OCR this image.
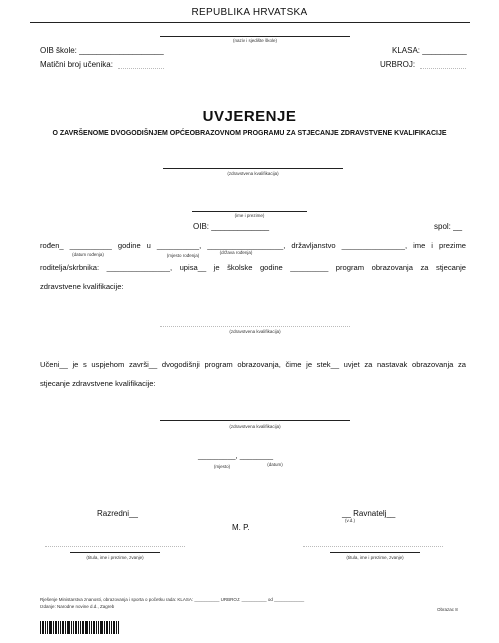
REPUBLIKA HRVATSKA
(naziv i sjedište škole)
OIB škole: ___________________	KLASA: __________
Matični broj učenika:	URBROJ:
UVJERENJE
O ZAVRŠENOME DVOGODIŠNJEM OPĆEOBRAZOVNOM PROGRAMU ZA STJECANJE ZDRAVSTVENE KVALIFIKACIJE
(zdravstvena kvalifikacija)
(ime i prezime)
OIB: _____________	spol: __
rođen_ __________ godine u __________, __________________, državljanstvo _______________, ime i prezime
(datum rođenja)	(mjesto rođenja)
(država rođenja)
roditelja/skrbnika: _______________, upisa__ je školske godine _________ program obrazovanja za stjecanje
zdravstvene kvalifikacije:
(zdravstvena kvalifikacija)
Učeni__ je s uspjehom završi__ dvogodišnji program obrazovanja, čime je stek__ uvjet za nastavak obrazovanja za
stjecanje zdravstvene kvalifikacije:
(zdravstvena kvalifikacija)
_________, ________
(mjesto)	(datum)
Razredni__	__ Ravnatelj__
(v.d.)
M. P.
(titula, ime i prezime, zvanje)	(titula, ime i prezime, zvanje)
Rješenje Ministarstva znanosti, obrazovanja i sporta o početku rada: KLASA: __________ URBROJ: __________ od ____________
Izdanje: Narodne novine d.d., Zagreb
Obrazac 8
